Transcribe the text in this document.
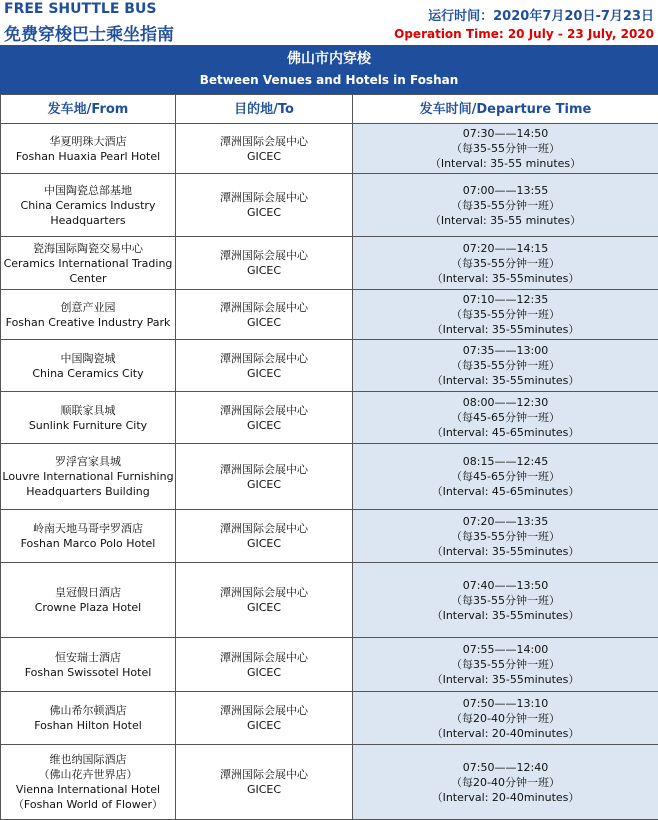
FREE SHUTTLE BUS
免费穿梭巴士乘坐指南
运行时间：2020年7月20日-7月23日
Operation Time: 20 July - 23 July, 2020
佛山市内穿梭
Between Venues and Hotels in Foshan
发车地/From	目的地/To	发车时间/Departure Time

华夏明珠大酒店
Foshan Huaxia Pearl Hotel	潭洲国际会展中心
GICEC	07:30——14:50
（每35-55分钟一班）
（Interval: 35-55 minutes）

中国陶瓷总部基地
China Ceramics Industry
Headquarters	潭洲国际会展中心
GICEC	07:00——13:55
（每35-55分钟一班）
（Interval: 35-55 minutes）

瓷海国际陶瓷交易中心
Ceramics International Trading
Center	潭洲国际会展中心
GICEC	07:20——14:15
（每35-55分钟一班）
（Interval: 35-55minutes）

创意产业园
Foshan Creative Industry Park	潭洲国际会展中心
GICEC	07:10——12:35
（每35-55分钟一班）
（Interval: 35-55minutes）

中国陶瓷城
China Ceramics City	潭洲国际会展中心
GICEC	07:35——13:00
（每35-55分钟一班）
（Interval: 35-55minutes）

顺联家具城
Sunlink Furniture City	潭洲国际会展中心
GICEC	08:00——12:30
（每45-65分钟一班）
（Interval: 45-65minutes）

罗浮宫家具城
Louvre International Furnishing
Headquarters Building	潭洲国际会展中心
GICEC	08:15——12:45
（每45-65分钟一班）
（Interval: 45-65minutes）

岭南天地马哥孛罗酒店
Foshan Marco Polo Hotel	潭洲国际会展中心
GICEC	07:20——13:35
（每35-55分钟一班）
（Interval: 35-55minutes）

皇冠假日酒店
Crowne Plaza Hotel	潭洲国际会展中心
GICEC	07:40——13:50
（每35-55分钟一班）
（Interval: 35-55minutes）

恒安瑞士酒店
Foshan Swissotel Hotel	潭洲国际会展中心
GICEC	07:55——14:00
（每35-55分钟一班）
（Interval: 35-55minutes）

佛山希尔顿酒店
Foshan Hilton Hotel	潭洲国际会展中心
GICEC	07:50——13:10
（每20-40分钟一班）
（Interval: 20-40minutes）

维也纳国际酒店
（佛山花卉世界店）
Vienna International Hotel
（Foshan World of Flower）	潭洲国际会展中心
GICEC	07:50——12:40
（每20-40分钟一班）
（Interval: 20-40minutes）
